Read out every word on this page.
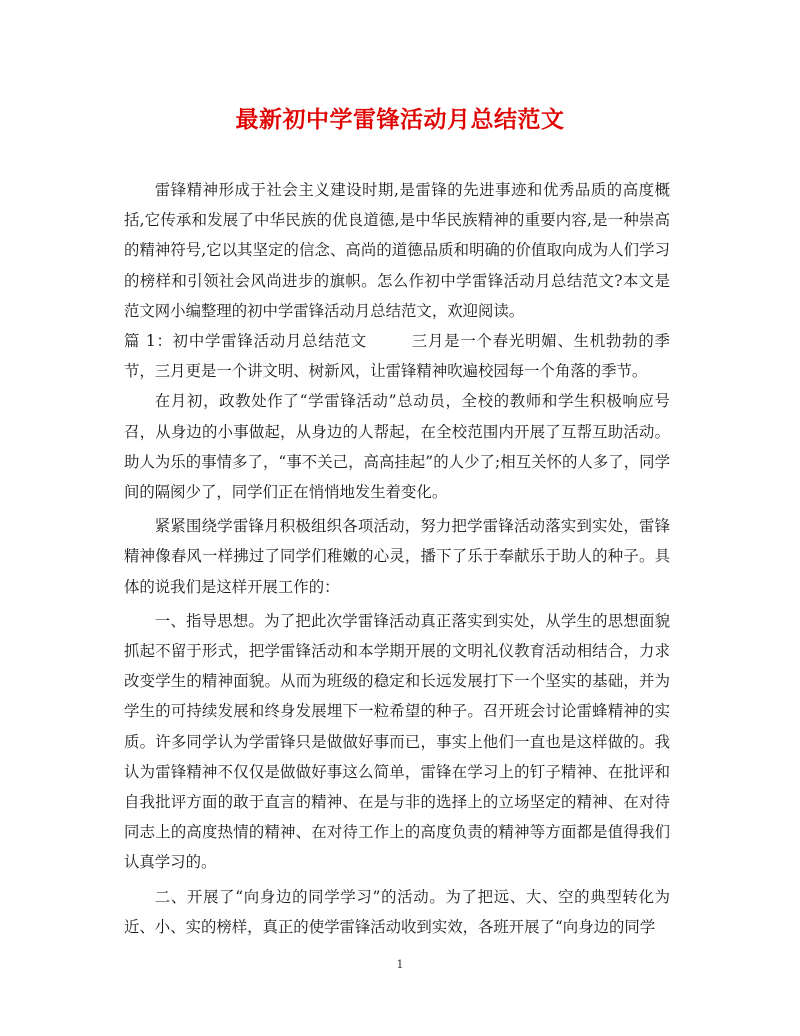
最新初中学雷锋活动月总结范文

雷锋精神形成于社会主义建设时期,是雷锋的先进事迹和优秀品质的高度概括,它传承和发展了中华民族的优良道德,是中华民族精神的重要内容,是一种崇高的精神符号,它以其坚定的信念、高尚的道德品质和明确的价值取向成为人们学习的榜样和引领社会风尚进步的旗帜。怎么作初中学雷锋活动月总结范文?本文是范文网小编整理的初中学雷锋活动月总结范文，欢迎阅读。

篇 1：初中学雷锋活动月总结范文	三月是一个春光明媚、生机勃勃的季节，三月更是一个讲文明、树新风，让雷锋精神吹遍校园每一个角落的季节。

在月初，政教处作了“学雷锋活动”总动员，全校的教师和学生积极响应号召，从身边的小事做起，从身边的人帮起，在全校范围内开展了互帮互助活动。助人为乐的事情多了，“事不关己，高高挂起”的人少了;相互关怀的人多了，同学间的隔阂少了，同学们正在悄悄地发生着变化。

紧紧围绕学雷锋月积极组织各项活动，努力把学雷锋活动落实到实处，雷锋精神像春风一样拂过了同学们稚嫩的心灵，播下了乐于奉献乐于助人的种子。具体的说我们是这样开展工作的：

一、指导思想。为了把此次学雷锋活动真正落实到实处，从学生的思想面貌抓起不留于形式，把学雷锋活动和本学期开展的文明礼仪教育活动相结合，力求改变学生的精神面貌。从而为班级的稳定和长远发展打下一个坚实的基础，并为学生的可持续发展和终身发展埋下一粒希望的种子。召开班会讨论雷蜂精神的实质。许多同学认为学雷锋只是做做好事而已，事实上他们一直也是这样做的。我认为雷锋精神不仅仅是做做好事这么简单，雷锋在学习上的钉子精神、在批评和自我批评方面的敢于直言的精神、在是与非的选择上的立场坚定的精神、在对待同志上的高度热情的精神、在对待工作上的高度负责的精神等方面都是值得我们认真学习的。

二、开展了“向身边的同学学习”的活动。为了把远、大、空的典型转化为近、小、实的榜样，真正的使学雷锋活动收到实效，各班开展了“向身边的同学

1
